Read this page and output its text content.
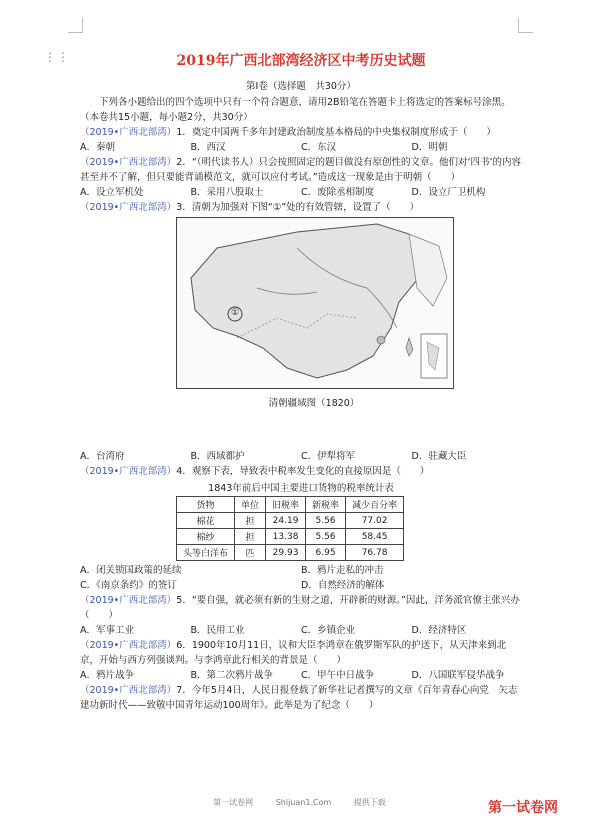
⋮⋮	2019年广西北部湾经济区中考历史试题
第Ⅰ卷（选择题　共30分）

下列各小题给出的四个选项中只有一个符合题意，请用2B铅笔在答题卡上将选定的答案标号涂黑。（本卷共15小题，每小题2分，共30分）

（2019•广西北部湾）1．奠定中国两千多年封建政治制度基本格局的中央集权制度形成于（　　）

A．秦朝	B．西汉	C．东汉	D．明朝

（2019•广西北部湾）2．“（明代读书人）只会按照固定的题目做没有原创性的文章。他们对‘四书’的内容甚至并不了解，但只要能背诵模范文，就可以应付考试。”造成这一现象是由于明朝（　　）

A．设立军机处	B．采用八股取士	C．废除丞相制度	D．设立厂卫机构

（2019•广西北部湾）3．清朝为加强对下图“①”处的有效管辖，设置了（　　）

①
清朝疆域图（1820）
A．台湾府	B．西域都护	C．伊犁将军	D．驻藏大臣

（2019•广西北部湾）4．观察下表，导致表中税率发生变化的直接原因是（　　）

1843年前后中国主要进口货物的税率统计表
货物	单位	旧税率	新税率	减少百分率
棉花	担	24.19	5.56	77.02
棉纱	担	13.38	5.56	58.45
头等白洋布	匹	29.93	6.95	76.78
A．闭关锁国政策的延续	B．鸦片走私的冲击
C．《南京条约》的签订	D．自然经济的解体

（2019•广西北部湾）5．“要自强，就必须有新的生财之道，开辟新的财源。”因此，洋务派官僚主张兴办（　　）

A．军事工业	B．民用工业	C．乡镇企业	D．经济特区

（2019•广西北部湾）6．1900年10月11日，议和大臣李鸿章在俄罗斯军队的护送下，从天津来到北京，开始与西方列强谈判。与李鸿章此行相关的背景是（　　）

A．鸦片战争	B．第二次鸦片战争	C．甲午中日战争	D．八国联军侵华战争

（2019•广西北部湾）7．今年5月4日，人民日报登载了新华社记者撰写的文章《百年青春心向党　矢志建功新时代——致敬中国青年运动100周年》。此举是为了纪念（　　）

第一试卷网	Shijuan1.Com	提供下载	第一试卷网
